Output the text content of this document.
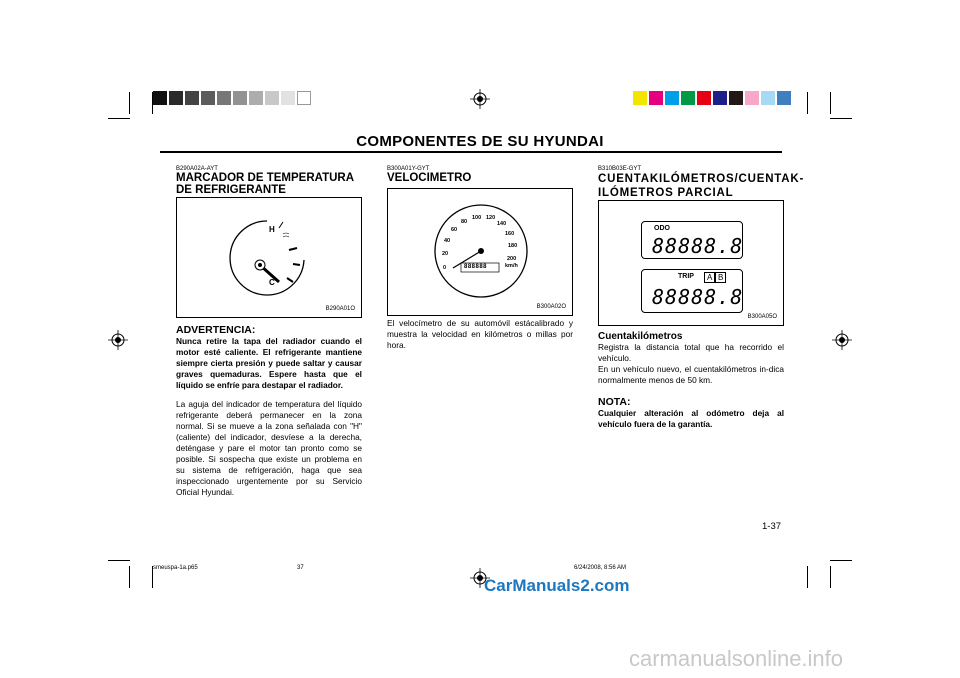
COMPONENTES DE SU HYUNDAI
B290A02A-AYT
MARCADOR DE TEMPERATURA DE REFRIGERANTE
H
C
B290A01O
ADVERTENCIA:
Nunca retire la tapa del radiador cuando el motor esté caliente. El refrigerante mantiene siempre cierta presión y puede saltar y causar graves quemaduras. Espere hasta que el líquido se enfríe para destapar el radiador.
La aguja del indicador de temperatura del líquido refrigerante deberá permanecer en la zona normal. Si se mueve a la zona señalada con "H" (caliente) del indicador, desvíese a la derecha, deténgase y pare el motor tan pronto como se posible. Si sospecha que existe un problema en su sistema de refrigeración, haga que sea inspeccionado urgentemente por su Servicio Oficial Hyundai.
B300A01Y-GYT
VELOCIMETRO
0
20
40
60
80
100 120
140
160
180
200
km/h
888888
B300A02O
El velocímetro de su automóvil estácalibrado y muestra la velocidad en kilómetros o millas por hora.
B310B03E-GYT
CUENTAKILÓMETROS/CUENTAK-ILÓMETROS PARCIAL
ODO
88888.8
TRIP	A B
88888.8
B300A05O
Cuentakilómetros
Registra la distancia total que ha recorrido el vehículo.
En un vehículo nuevo, el cuentakilómetros in-dica normalmente menos de 50 km.
NOTA:
Cualquier alteración al odómetro deja al vehículo fuera de la garantía.
1-37
smeuspa-1a.p65	37	6/24/2008, 8:56 AM
CarManuals2.com
carmanualsonline.info
